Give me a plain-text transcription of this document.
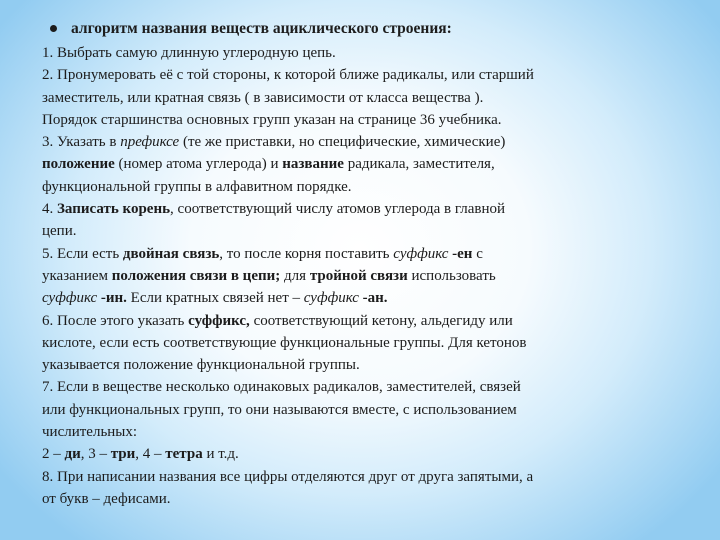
алгоритм названия веществ ациклического строения:
1. Выбрать самую длинную углеродную цепь.
2. Пронумеровать её с той стороны, к которой ближе радикалы, или старший
заместитель, или кратная связь ( в зависимости от класса вещества ).
Порядок старшинства основных групп указан на странице 36 учебника.
3. Указать в префиксе (те же приставки, но специфические, химические)
положение (номер атома углерода) и название радикала, заместителя,
функциональной группы в алфавитном порядке.
4. Записать корень, соответствующий числу атомов углерода в главной
цепи.
5. Если есть двойная связь, то после корня поставить суффикс -ен с
указанием положения связи в цепи; для тройной связи использовать
суффикс -ин. Если кратных связей нет – суффикс -ан.
6. После этого указать суффикс, соответствующий кетону, альдегиду или
кислоте, если есть соответствующие функциональные группы. Для кетонов
указывается положение функциональной группы.
7. Если в веществе несколько одинаковых радикалов, заместителей, связей
или функциональных групп, то они называются вместе, с использованием
числительных:
2 – ди, 3 – три, 4 – тетра и т.д.
8. При написании названия все цифры отделяются друг от друга запятыми, а
от букв – дефисами.
